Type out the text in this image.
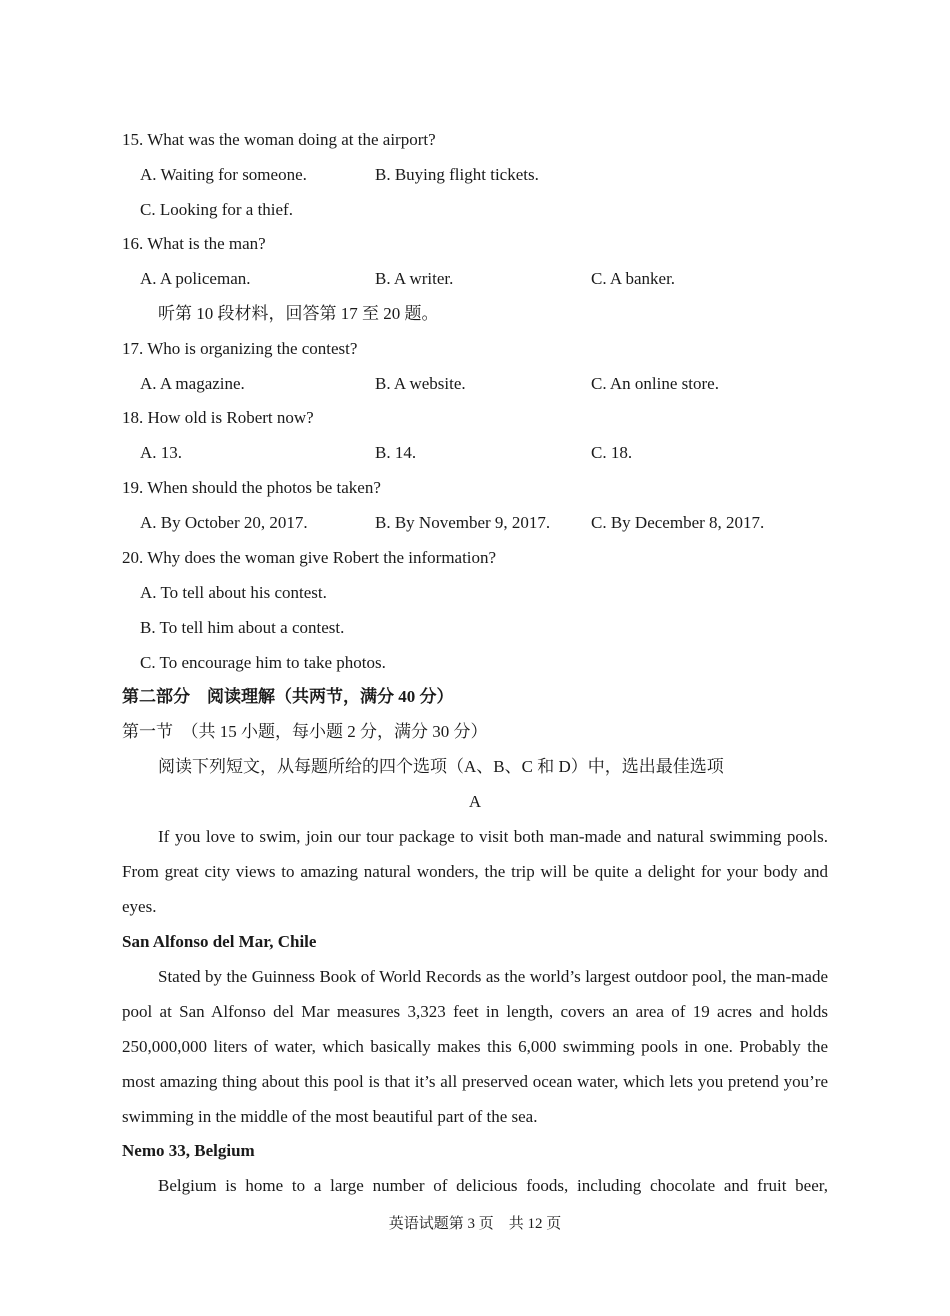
15. What was the woman doing at the airport?
A. Waiting for someone.	B. Buying flight tickets.
C. Looking for a thief.
16. What is the man?
A. A policeman.	B. A writer.	C. A banker.
听第 10 段材料，回答第 17 至 20 题。
17. Who is organizing the contest?
A. A magazine.	B. A website.	C. An online store.
18. How old is Robert now?
A. 13.	B. 14.	C. 18.
19. When should the photos be taken?
A. By October 20, 2017.	B. By November 9, 2017. C. By December 8, 2017.
20. Why does the woman give Robert the information?
A. To tell about his contest.
B. To tell him about a contest.
C. To encourage him to take photos.
第二部分　阅读理解（共两节，满分 40 分）
第一节　（共 15 小题，每小题 2 分，满分 30 分）
阅读下列短文，从每题所给的四个选项（A、B、C 和 D）中，选出最佳选项
A
If you love to swim, join our tour package to visit both man-made and natural swimming pools. From great city views to amazing natural wonders, the trip will be quite a delight for your body and eyes.
San Alfonso del Mar, Chile
Stated by the Guinness Book of World Records as the world’s largest outdoor pool, the man-made pool at San Alfonso del Mar measures 3,323 feet in length, covers an area of 19 acres and holds 250,000,000 liters of water, which basically makes this 6,000 swimming pools in one. Probably the most amazing thing about this pool is that it’s all preserved ocean water, which lets you pretend you’re swimming in the middle of the most beautiful part of the sea.
Nemo 33, Belgium
Belgium is home to a large number of delicious foods, including chocolate and fruit beer,
英语试题第 3 页　共 12 页
